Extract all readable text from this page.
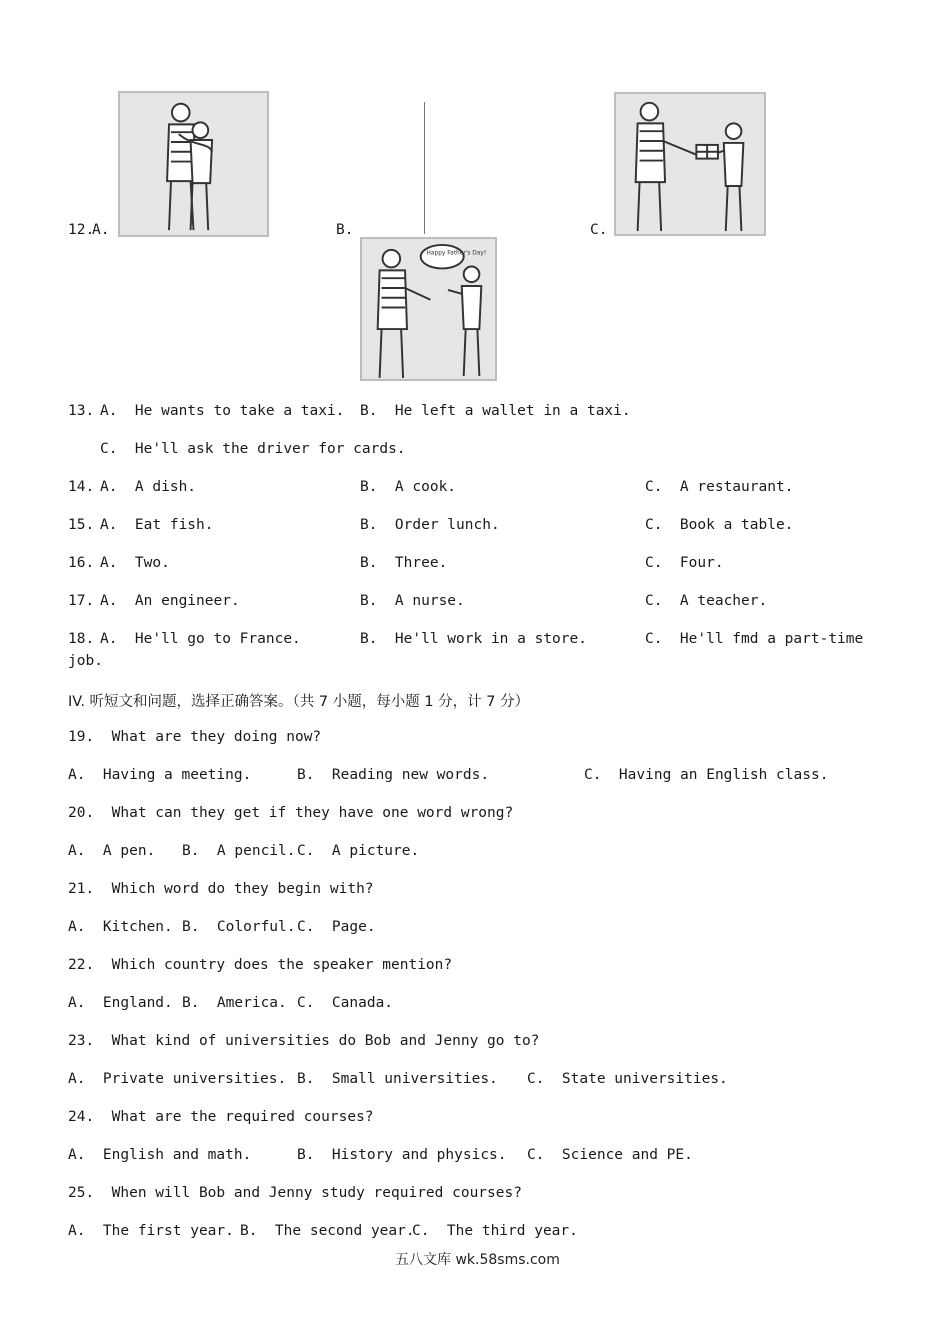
12.
A.	B.
Happy Father's Day!
C.
13. A.  He wants to take a taxi. B.  He left a wallet in a taxi.
C.  He'll ask the driver for cards.
14. A.  A dish.	B.  A cook.	C.  A restaurant.
15. A.  Eat fish.	B.  Order lunch.	C.  Book a table.
16. A.  Two.	B.  Three.	C.  Four.
17. A.  An engineer.	B.  A nurse.	C.  A teacher.
18. A.  He'll go to France.	B.  He'll work in a store.	C.  He'll fmd a part-time
job.
IV. 听短文和问题，选择正确答案。（共 7 小题，每小题 1 分，计 7 分）
19.  What are they doing now?
A.  Having a meeting.	B.  Reading new words.	C.  Having an English class.
20.  What can they get if they have one word wrong?
A.  A pen. B.  A pencil. C.  A picture.
21.  Which word do they begin with?
A.  Kitchen. B.  Colorful. C.  Page.
22.  Which country does the speaker mention?
A.  England. B.  America. C.  Canada.
23.  What kind of universities do Bob and Jenny go to?
A.  Private universities. B.  Small universities. C.  State universities.
24.  What are the required courses?
A.  English and math.	B.  History and physics. C.  Science and PE.
25.  When will Bob and Jenny study required courses?
A.  The first year. B.  The second year.
C.  The third year.
五八文库 wk.58sms.com
